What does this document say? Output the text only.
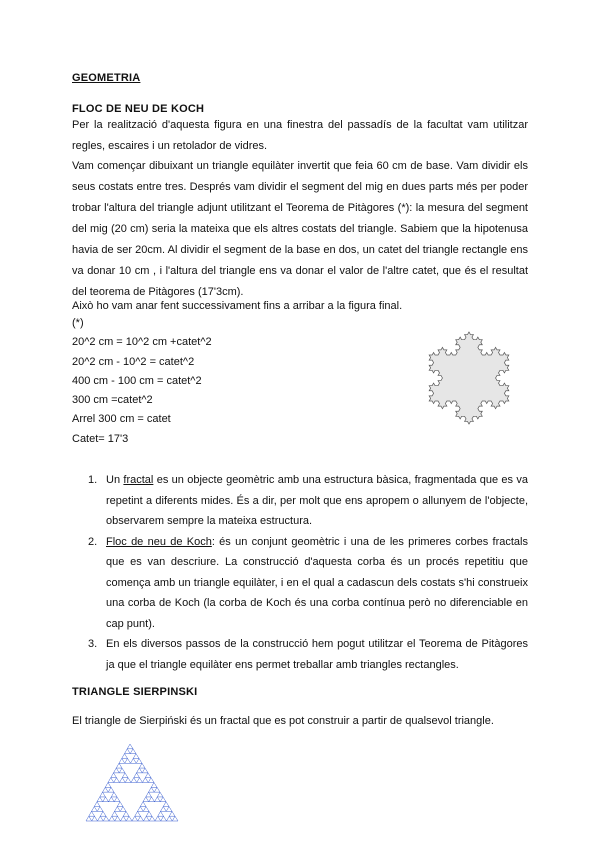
GEOMETRIA
FLOC DE NEU DE KOCH
Per la realització d'aquesta figura en una finestra del passadís de la facultat vam utilitzar regles, escaires i un retolador de vidres.
Vam començar dibuixant un triangle equilàter invertit que feia 60 cm de base. Vam dividir els seus costats entre tres. Després vam dividir el segment del mig en dues parts més per poder trobar l'altura del triangle adjunt utilitzant el Teorema de Pitàgores (*): la mesura del segment del mig (20 cm) seria la mateixa que els altres costats del triangle. Sabiem que la hipotenusa havia de ser 20cm. Al dividir el segment de la base en dos, un catet del triangle rectangle ens va donar 10 cm , i l'altura del triangle ens va donar el valor de l'altre catet, que és el resultat del teorema de Pitàgores (17'3cm).
Això ho vam anar fent successivament fins a arribar a la figura final.
(*)
20^2 cm = 10^2 cm +catet^2
20^2 cm - 10^2 = catet^2
400 cm - 100 cm = catet^2
300 cm =catet^2
Arrel 300 cm = catet
Catet= 17'3
1. Un fractal es un objecte geomètric amb una estructura bàsica, fragmentada que es va repetint a diferents mides. És a dir, per molt que ens apropem o allunyem de l'objecte, observarem sempre la mateixa estructura.
2. Floc de neu de Koch: és un conjunt geomètric i una de les primeres corbes fractals que es van descriure. La construcció d'aquesta corba és un procés repetitiu que comença amb un triangle equilàter, i en el qual a cadascun dels costats s'hi construeix una corba de Koch (la corba de Koch és una corba contínua però no diferenciable en cap punt).
3. En els diversos passos de la construcció hem pogut utilitzar el Teorema de Pitàgores ja que el triangle equilàter ens permet treballar amb triangles rectangles.
TRIANGLE SIERPINSKI
El triangle de Sierpiński és un fractal que es pot construir a partir de qualsevol triangle.
